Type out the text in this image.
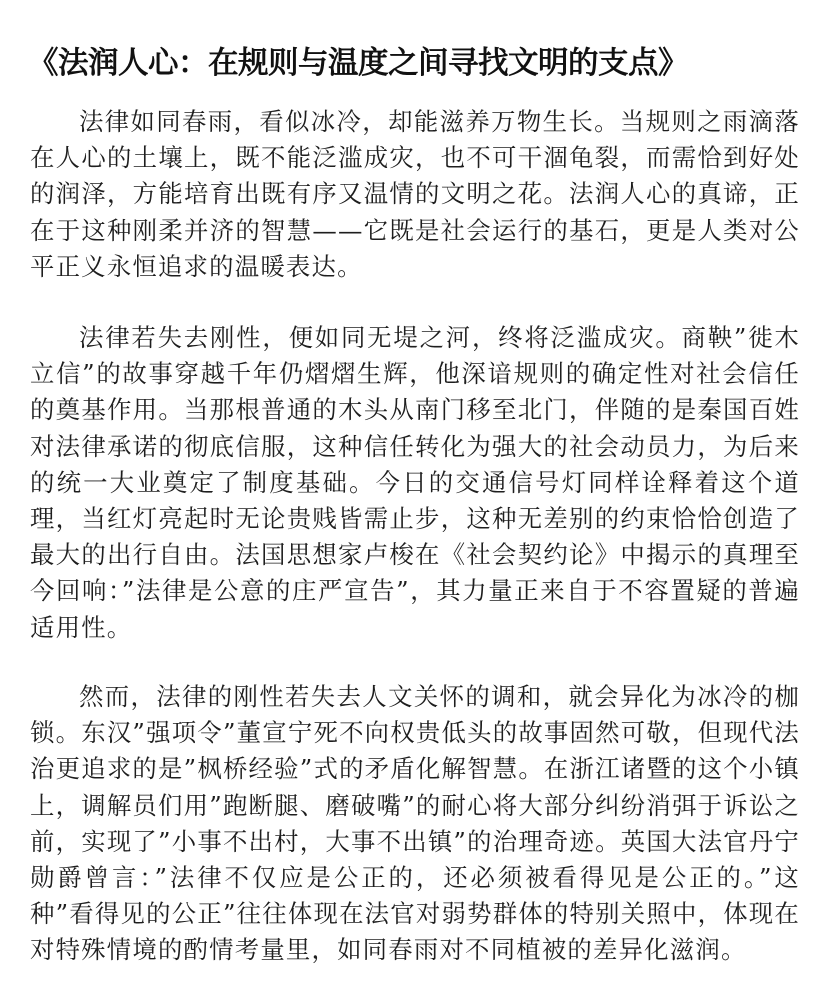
《法润人心：在规则与温度之间寻找文明的支点》

法律如同春雨，看似冰冷，却能滋养万物生长。当规则之雨滴落在人心的土壤上，既不能泛滥成灾，也不可干涸龟裂，而需恰到好处的润泽，方能培育出既有序又温情的文明之花。法润人心的真谛，正在于这种刚柔并济的智慧——它既是社会运行的基石，更是人类对公平正义永恒追求的温暖表达。

法律若失去刚性，便如同无堤之河，终将泛滥成灾。商鞅”徙木立信”的故事穿越千年仍熠熠生辉，他深谙规则的确定性对社会信任的奠基作用。当那根普通的木头从南门移至北门，伴随的是秦国百姓对法律承诺的彻底信服，这种信任转化为强大的社会动员力，为后来的统一大业奠定了制度基础。今日的交通信号灯同样诠释着这个道理，当红灯亮起时无论贵贱皆需止步，这种无差别的约束恰恰创造了最大的出行自由。法国思想家卢梭在《社会契约论》中揭示的真理至今回响：”法律是公意的庄严宣告”，其力量正来自于不容置疑的普遍适用性。

然而，法律的刚性若失去人文关怀的调和，就会异化为冰冷的枷锁。东汉”强项令”董宣宁死不向权贵低头的故事固然可敬，但现代法治更追求的是”枫桥经验”式的矛盾化解智慧。在浙江诸暨的这个小镇上，调解员们用”跑断腿、磨破嘴”的耐心将大部分纠纷消弭于诉讼之前，实现了”小事不出村，大事不出镇”的治理奇迹。英国大法官丹宁勋爵曾言：”法律不仅应是公正的，还必须被看得见是公正的。”这种”看得见的公正”往往体现在法官对弱势群体的特别关照中，体现在对特殊情境的酌情考量里，如同春雨对不同植被的差异化滋润。
